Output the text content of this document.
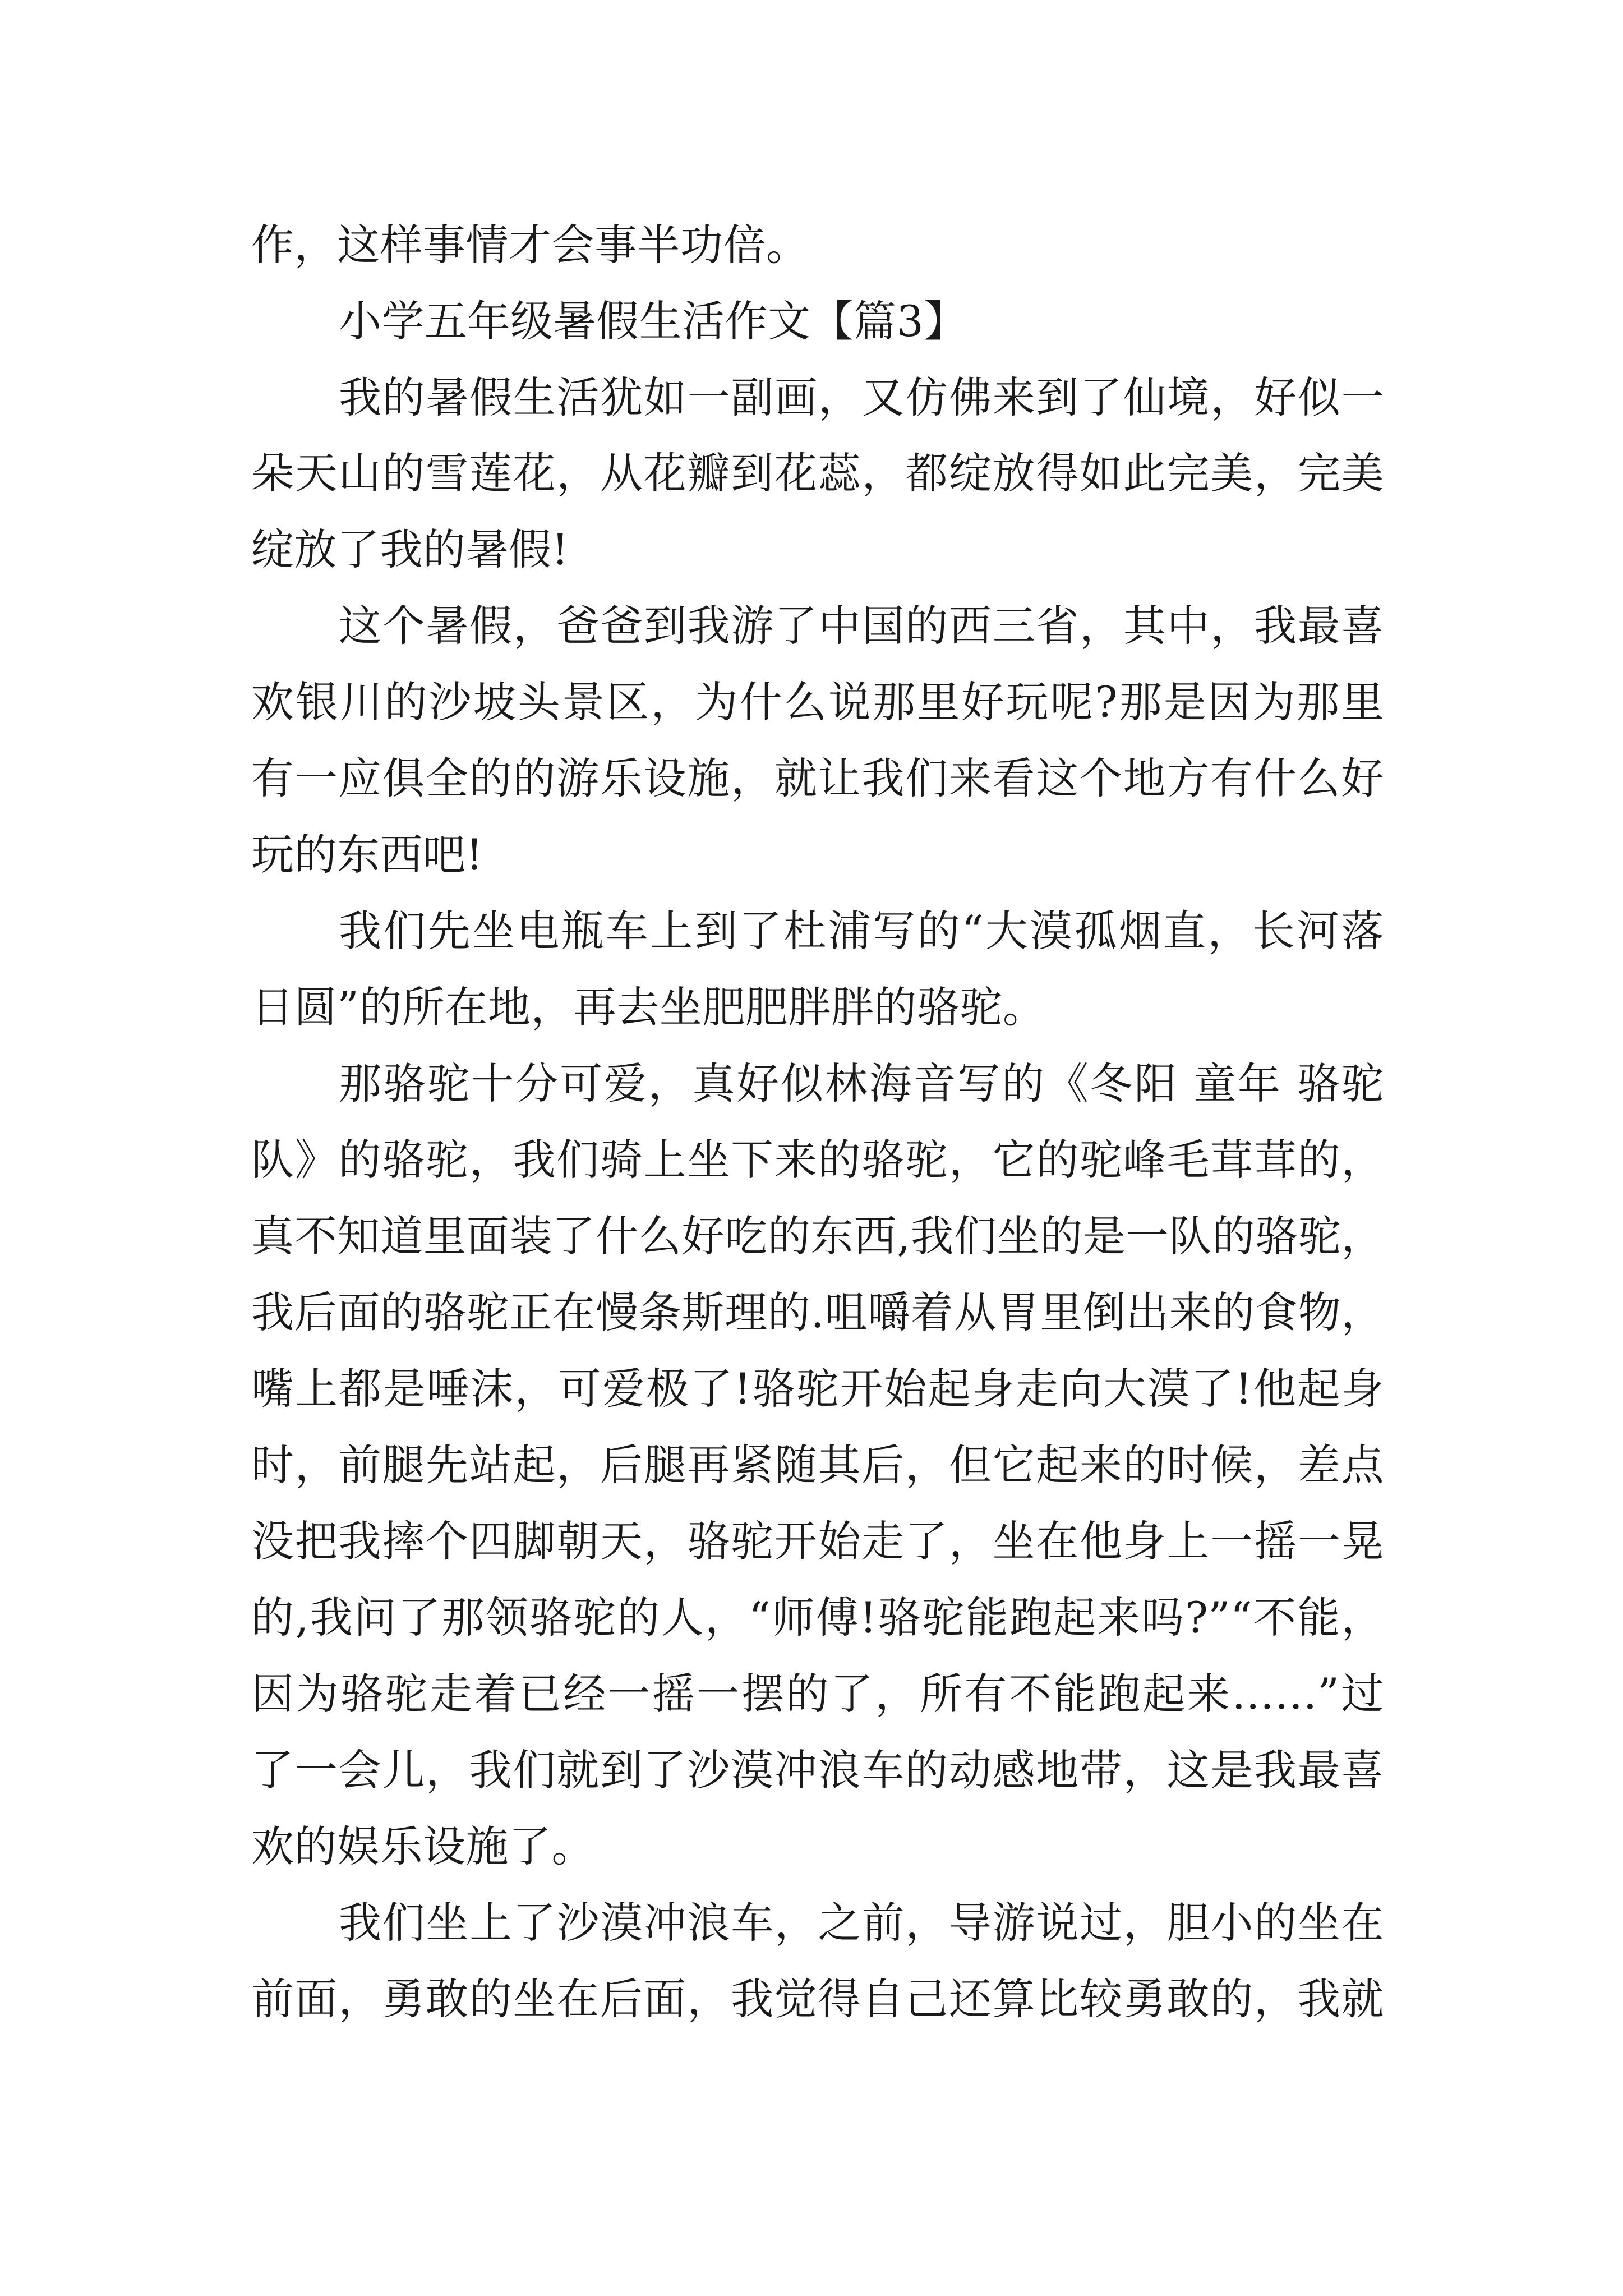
作，这样事情才会事半功倍。
小学五年级暑假生活作文【篇3】
我的暑假生活犹如一副画，又仿佛来到了仙境，好似一
朵天山的雪莲花，从花瓣到花蕊，都绽放得如此完美，完美
绽放了我的暑假!
这个暑假，爸爸到我游了中国的西三省，其中，我最喜
欢银川的沙坡头景区，为什么说那里好玩呢?那是因为那里
有一应俱全的的游乐设施，就让我们来看这个地方有什么好
玩的东西吧!
我们先坐电瓶车上到了杜浦写的“大漠孤烟直，长河落
日圆”的所在地，再去坐肥肥胖胖的骆驼。
那骆驼十分可爱，真好似林海音写的《冬阳 童年 骆驼
队》的骆驼，我们骑上坐下来的骆驼，它的驼峰毛茸茸的，
真不知道里面装了什么好吃的东西,我们坐的是一队的骆驼，
我后面的骆驼正在慢条斯理的.咀嚼着从胃里倒出来的食物，
嘴上都是唾沫，可爱极了!骆驼开始起身走向大漠了!他起身
时，前腿先站起，后腿再紧随其后，但它起来的时候，差点
没把我摔个四脚朝天，骆驼开始走了，坐在他身上一摇一晃
的,我问了那领骆驼的人，“师傅!骆驼能跑起来吗?”“不能，
因为骆驼走着已经一摇一摆的了，所有不能跑起来……”过
了一会儿，我们就到了沙漠冲浪车的动感地带，这是我最喜
欢的娱乐设施了。
我们坐上了沙漠冲浪车，之前，导游说过，胆小的坐在
前面，勇敢的坐在后面，我觉得自己还算比较勇敢的，我就
